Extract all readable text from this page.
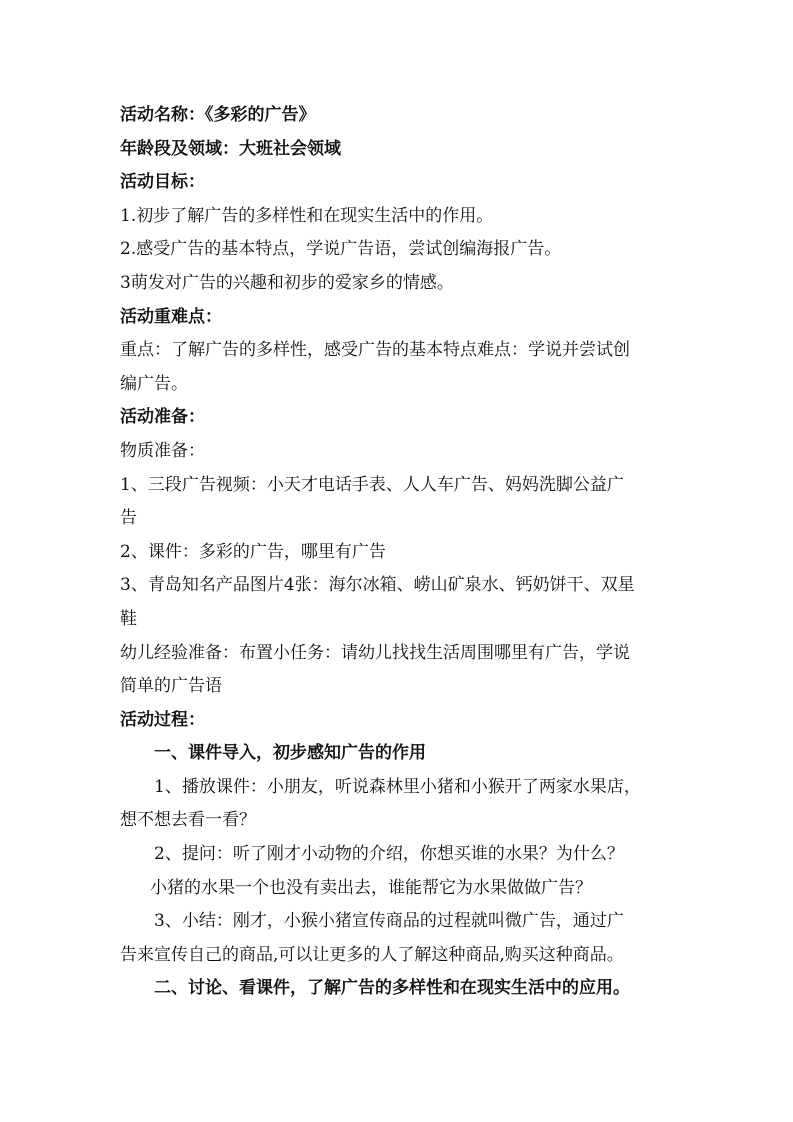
活动名称：《多彩的广告》
年龄段及领域：大班社会领域
活动目标：
1.初步了解广告的多样性和在现实生活中的作用。
2.感受广告的基本特点，学说广告语，尝试创编海报广告。
3萌发对广告的兴趣和初步的爱家乡的情感。
活动重难点：
重点：了解广告的多样性，感受广告的基本特点难点：学说并尝试创
编广告。
活动准备：
物质准备：
1、三段广告视频：小天才电话手表、人人车广告、妈妈洗脚公益广
告
2、课件：多彩的广告，哪里有广告
3、青岛知名产品图片4张：海尔冰箱、崂山矿泉水、钙奶饼干、双星
鞋
幼儿经验准备：布置小任务：请幼儿找找生活周围哪里有广告，学说
简单的广告语
活动过程：
一、课件导入，初步感知广告的作用
1、播放课件：小朋友，听说森林里小猪和小猴开了两家水果店，
想不想去看一看？
2、提问：听了刚才小动物的介绍，你想买谁的水果？为什么？
小猪的水果一个也没有卖出去，谁能帮它为水果做做广告？
3、小结：刚才，小猴小猪宣传商品的过程就叫微广告，通过广
告来宣传自己的商品,可以让更多的人了解这种商品,购买这种商品。
二、讨论、看课件，了解广告的多样性和在现实生活中的应用。
